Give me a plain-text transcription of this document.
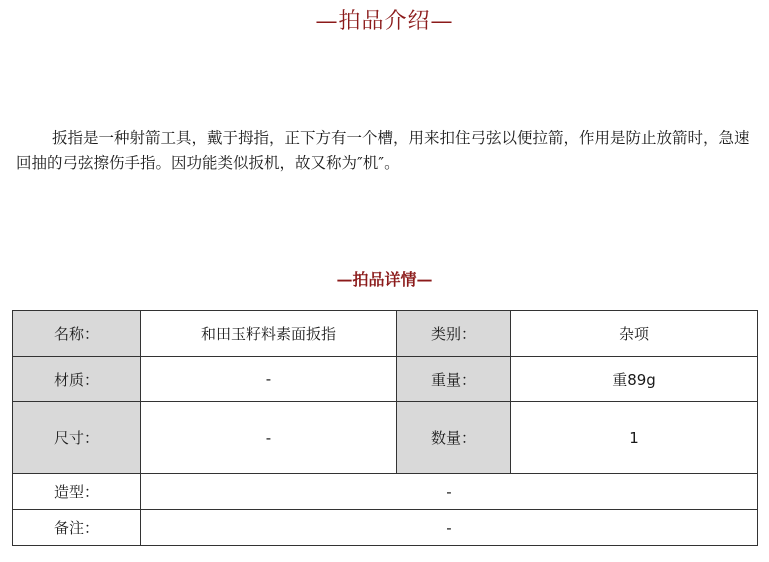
—拍品介绍—

扳指是一种射箭工具，戴于拇指，正下方有一个槽，用来扣住弓弦以便拉箭，作用是防止放箭时，急速回抽的弓弦擦伤手指。因功能类似扳机，故又称为″机″。

—拍品详情—
名称：	和田玉籽料素面扳指	类别：	杂项
材质：	-	重量：	重89g
尺寸：	-	数量：	1
造型：	-		
备注：	-		
